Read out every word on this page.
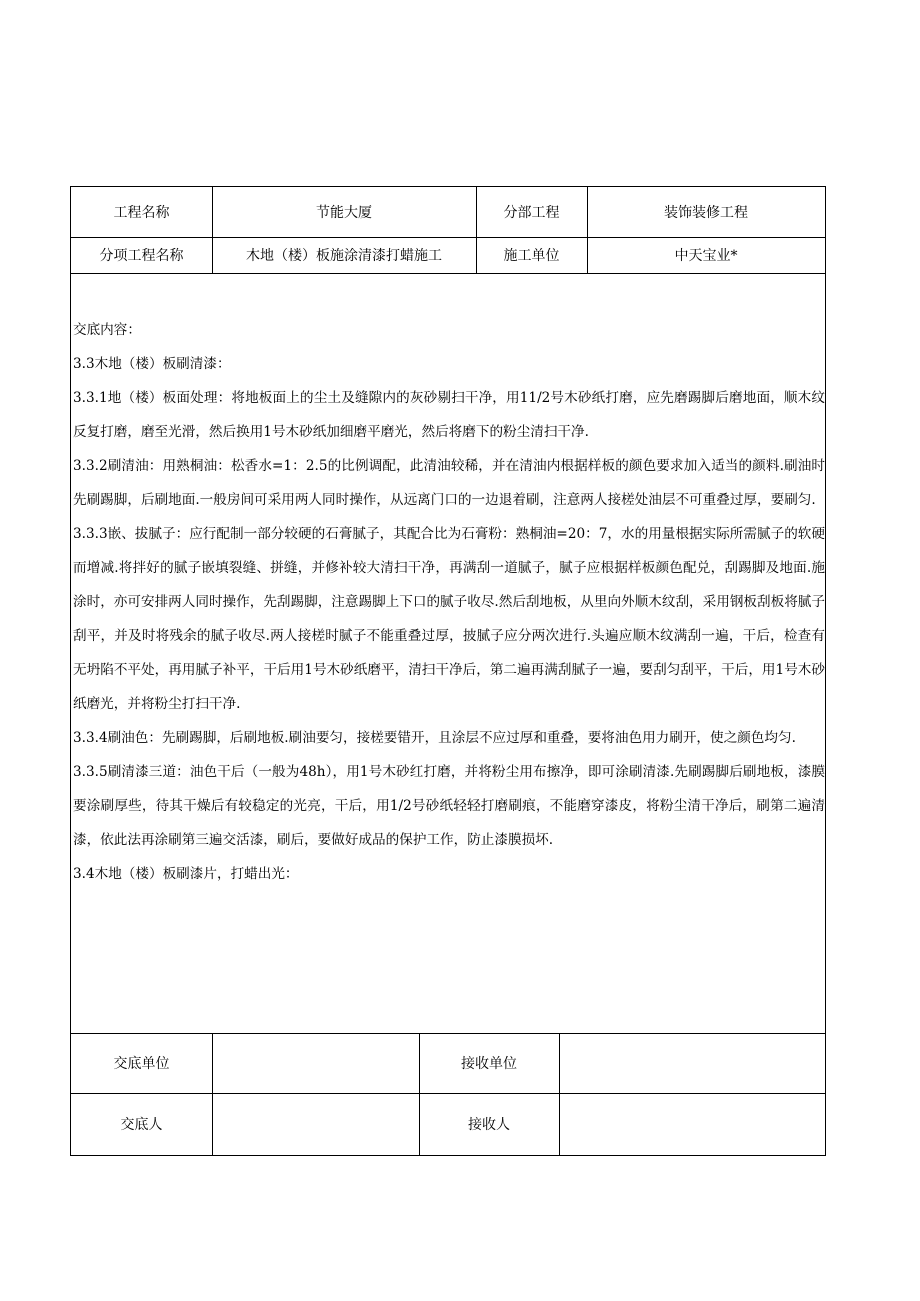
工程名称	节能大厦	分部工程	装饰装修工程
分项工程名称	木地（楼）板施涂清漆打蜡施工	施工单位	中天宝业*

交底内容：

3.3木地（楼）板刷清漆：

3.3.1地（楼）板面处理：将地板面上的尘土及缝隙内的灰砂剔扫干净，用11/2号木砂纸打磨，应先磨踢脚后磨地面，顺木纹反复打磨，磨至光滑，然后换用1号木砂纸加细磨平磨光，然后将磨下的粉尘清扫干净.

3.3.2刷清油：用熟桐油：松香水=1：2.5的比例调配，此清油较稀，并在清油内根据样板的颜色要求加入适当的颜料.刷油时先刷踢脚，后刷地面.一般房间可采用两人同时操作，从远离门口的一边退着刷，注意两人接槎处油层不可重叠过厚，要刷匀.

3.3.3嵌、拔腻子：应行配制一部分较硬的石膏腻子，其配合比为石膏粉：熟桐油=20：7，水的用量根据实际所需腻子的软硬而增减.将拌好的腻子嵌填裂缝、拼缝，并修补较大清扫干净，再满刮一道腻子，腻子应根据样板颜色配兑，刮踢脚及地面.施涂时，亦可安排两人同时操作，先刮踢脚，注意踢脚上下口的腻子收尽.然后刮地板，从里向外顺木纹刮，采用钢板刮板将腻子刮平，并及时将残余的腻子收尽.两人接槎时腻子不能重叠过厚，披腻子应分两次进行.头遍应顺木纹满刮一遍，干后，检查有无坍陷不平处，再用腻子补平，干后用1号木砂纸磨平，清扫干净后，第二遍再满刮腻子一遍，要刮匀刮平，干后，用1号木砂纸磨光，并将粉尘打扫干净.

3.3.4刷油色：先刷踢脚，后刷地板.刷油要匀，接槎要错开，且涂层不应过厚和重叠，要将油色用力刷开，使之颜色均匀.

3.3.5刷清漆三道：油色干后（一般为48h），用1号木砂红打磨，并将粉尘用布擦净，即可涂刷清漆.先刷踢脚后刷地板，漆膜要涂刷厚些，待其干燥后有较稳定的光亮，干后，用1/2号砂纸轻轻打磨刷痕，不能磨穿漆皮，将粉尘清干净后，刷第二遍清漆，依此法再涂刷第三遍交活漆，刷后，要做好成品的保护工作，防止漆膜损坏.

3.4木地（楼）板刷漆片，打蜡出光：

交底单位	接收单位
交底人	接收人
